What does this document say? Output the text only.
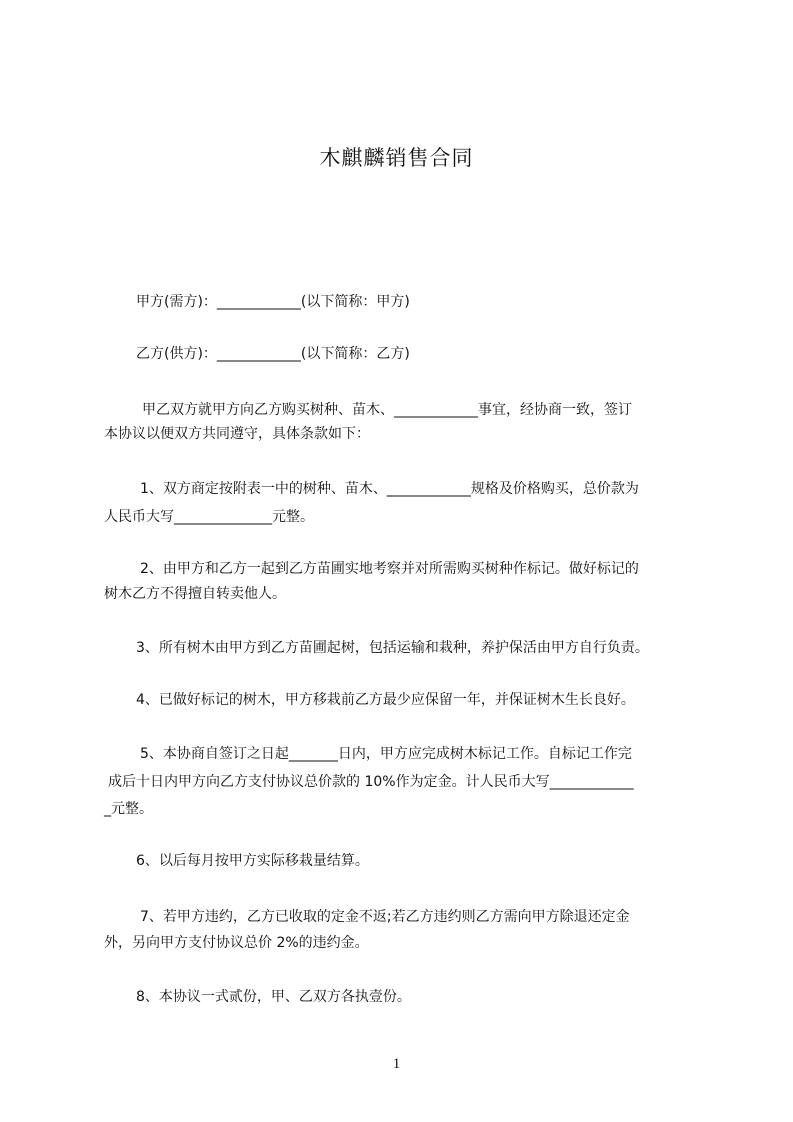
木麒麟销售合同
甲方(需方)：____________(以下简称：甲方)
乙方(供方)：____________(以下简称：乙方)
甲乙双方就甲方向乙方购买树种、苗木、____________事宜，经协商一致，签订
本协议以便双方共同遵守，具体条款如下：
1、双方商定按附表一中的树种、苗木、____________规格及价格购买，总价款为
人民币大写______________元整。
2、由甲方和乙方一起到乙方苗圃实地考察并对所需购买树种作标记。做好标记的
树木乙方不得擅自转卖他人。
3、所有树木由甲方到乙方苗圃起树，包括运输和栽种，养护保活由甲方自行负责。
4、已做好标记的树木，甲方移栽前乙方最少应保留一年，并保证树木生长良好。
5、本协商自签订之日起_______日内，甲方应完成树木标记工作。自标记工作完
成后十日内甲方向乙方支付协议总价款的 10%作为定金。计人民币大写____________
_元整。
6、以后每月按甲方实际移栽量结算。
7、若甲方违约，乙方已收取的定金不返;若乙方违约则乙方需向甲方除退还定金
外，另向甲方支付协议总价 2%的违约金。
8、本协议一式贰份，甲、乙双方各执壹份。
1
